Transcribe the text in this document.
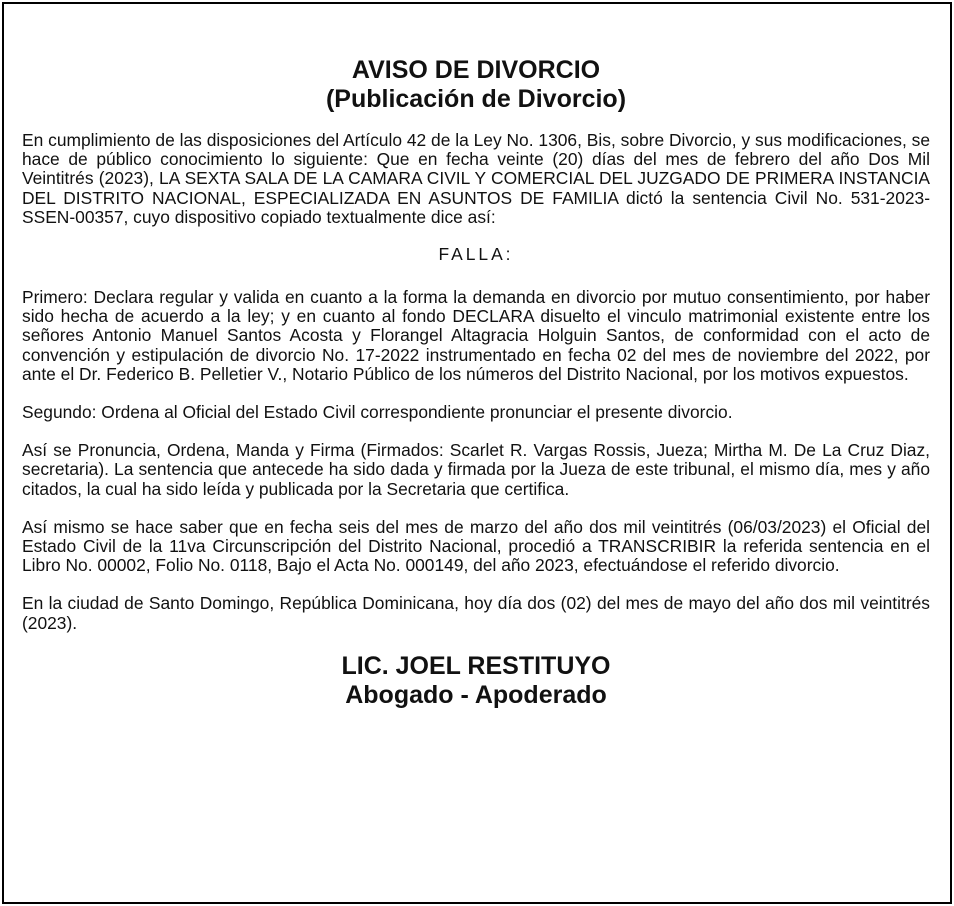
AVISO DE DIVORCIO
(Publicación de Divorcio)

En cumplimiento de las disposiciones del Artículo 42 de la Ley No. 1306, Bis, sobre Divorcio, y sus modificaciones, se hace de público conocimiento lo siguiente: Que en fecha veinte (20) días del mes de febrero del año Dos Mil Veintitrés (2023), LA SEXTA SALA DE LA CAMARA CIVIL Y COMERCIAL DEL JUZGADO DE PRIMERA INSTANCIA DEL DISTRITO NACIONAL, ESPECIALIZADA EN ASUNTOS DE FAMILIA dictó la sentencia Civil No. 531-2023-SSEN-00357, cuyo dispositivo copiado textualmente dice así:

FALLA:

Primero: Declara regular y valida en cuanto a la forma la demanda en divorcio por mutuo consentimiento, por haber sido hecha de acuerdo a la ley; y en cuanto al fondo DECLARA disuelto el vinculo matrimonial existente entre los señores Antonio Manuel Santos Acosta y Florangel Altagracia Holguin Santos, de conformidad con el acto de convención y estipulación de divorcio No. 17-2022 instrumentado en fecha 02 del mes de noviembre del 2022, por ante el Dr. Federico B. Pelletier V., Notario Público de los números del Distrito Nacional, por los motivos expuestos.

Segundo: Ordena al Oficial del Estado Civil correspondiente pronunciar el presente divorcio.

Así se Pronuncia, Ordena, Manda y Firma (Firmados: Scarlet R. Vargas Rossis, Jueza; Mirtha M. De La Cruz Diaz, secretaria). La sentencia que antecede ha sido dada y firmada por la Jueza de este tribunal, el mismo día, mes y año citados, la cual ha sido leída y publicada por la Secretaria que certifica.

Así mismo se hace saber que en fecha seis del mes de marzo del año dos mil veintitrés (06/03/2023) el Oficial del Estado Civil de la 11va Circunscripción del Distrito Nacional, procedió a TRANSCRIBIR la referida sentencia en el Libro No. 00002, Folio No. 0118, Bajo el Acta No. 000149, del año 2023, efectuándose el referido divorcio.

En la ciudad de Santo Domingo, República Dominicana, hoy día dos (02) del mes de mayo del año dos mil veintitrés (2023).

LIC. JOEL RESTITUYO

Abogado - Apoderado
